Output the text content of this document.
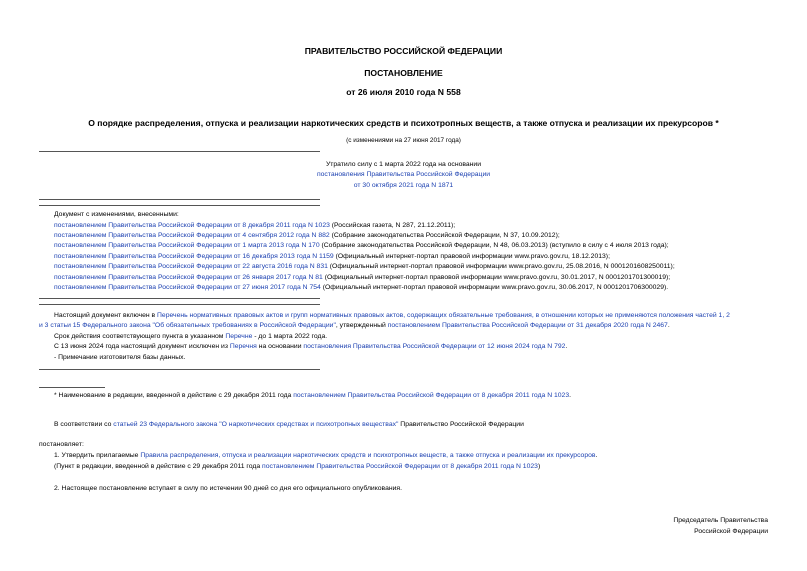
ПРАВИТЕЛЬСТВО РОССИЙСКОЙ ФЕДЕРАЦИИ
ПОСТАНОВЛЕНИЕ
от 26 июля 2010 года N 558
О порядке распределения, отпуска и реализации наркотических средств и психотропных веществ, а также отпуска и реализации их прекурсоров *
(с изменениями на 27 июня 2017 года)
Утратило силу с 1 марта 2022 года на основании
постановления Правительства Российской Федерации
от 30 октября 2021 года N 1871
Документ с изменениями, внесенными:
постановлением Правительства Российской Федерации от 8 декабря 2011 года N 1023 (Российская газета, N 287, 21.12.2011);
постановлением Правительства Российской Федерации от 4 сентября 2012 года N 882 (Собрание законодательства Российской Федерации, N 37, 10.09.2012);
постановлением Правительства Российской Федерации от 1 марта 2013 года N 170 (Собрание законодательства Российской Федерации, N 48, 06.03.2013) (вступило в силу с 4 июля 2013 года);
постановлением Правительства Российской Федерации от 16 декабря 2013 года N 1159 (Официальный интернет-портал правовой информации www.pravo.gov.ru, 18.12.2013);
постановлением Правительства Российской Федерации от 22 августа 2016 года N 831 (Официальный интернет-портал правовой информации www.pravo.gov.ru, 25.08.2016, N 0001201608250011);
постановлением Правительства Российской Федерации от 26 января 2017 года N 81 (Официальный интернет-портал правовой информации www.pravo.gov.ru, 30.01.2017, N 0001201701300019);
постановлением Правительства Российской Федерации от 27 июня 2017 года N 754 (Официальный интернет-портал правовой информации www.pravo.gov.ru, 30.06.2017, N 0001201706300029).
Настоящий документ включен в Перечень нормативных правовых актов и групп нормативных правовых актов, содержащих обязательные требования, в отношении которых не применяются положения частей 1, 2
и 3 статьи 15 Федерального закона "Об обязательных требованиях в Российской Федерации", утвержденный постановлением Правительства Российской Федерации от 31 декабря 2020 года N 2467.
Срок действия соответствующего пункта в указанном Перечне - до 1 марта 2022 года.
С 13 июня 2024 года настоящий документ исключен из Перечня на основании постановления Правительства Российской Федерации от 12 июня 2024 года N 792.
- Примечание изготовителя базы данных.
* Наименование в редакции, введенной в действие с 29 декабря 2011 года постановлением Правительства Российской Федерации от 8 декабря 2011 года N 1023.
В соответствии со статьей 23 Федерального закона "О наркотических средствах и психотропных веществах" Правительство Российской Федерации
постановляет:
1. Утвердить прилагаемые Правила распределения, отпуска и реализации наркотических средств и психотропных веществ, а также отпуска и реализации их прекурсоров.
(Пункт в редакции, введенной в действие с 29 декабря 2011 года постановлением Правительства Российской Федерации от 8 декабря 2011 года N 1023)
2. Настоящее постановление вступает в силу по истечении 90 дней со дня его официального опубликования.
Председатель Правительства
Российской Федерации
